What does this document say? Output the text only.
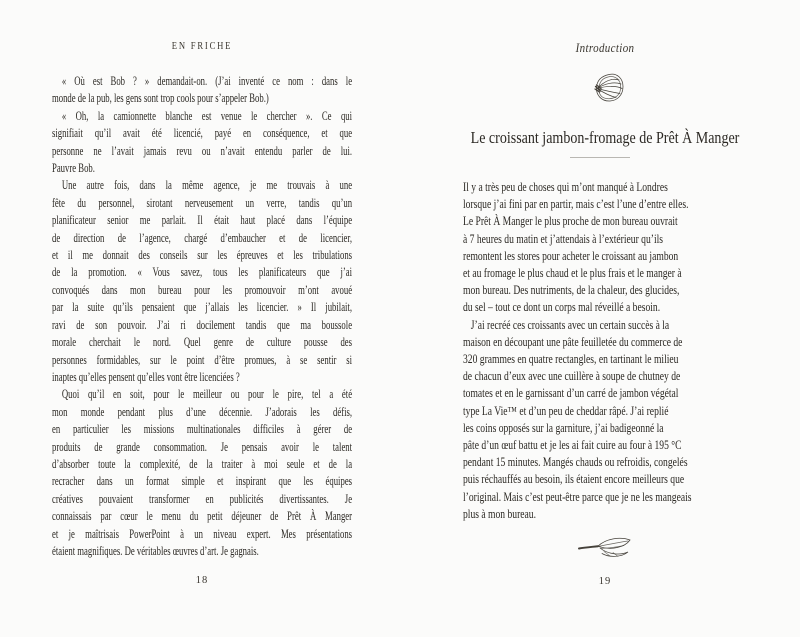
EN FRICHE
« Où est Bob ? » demandait-on. (J’ai inventé ce nom : dans le
monde de la pub, les gens sont trop cools pour s’appeler Bob.)
« Oh, la camionnette blanche est venue le chercher ». Ce qui
signifiait qu’il avait été licencié, payé en conséquence, et que
personne ne l’avait jamais revu ou n’avait entendu parler de lui.
Pauvre Bob.
Une autre fois, dans la même agence, je me trouvais à une
fête du personnel, sirotant nerveusement un verre, tandis qu’un
planificateur senior me parlait. Il était haut placé dans l’équipe
de direction de l’agence, chargé d’embaucher et de licencier,
et il me donnait des conseils sur les épreuves et les tribulations
de la promotion. « Vous savez, tous les planificateurs que j’ai
convoqués dans mon bureau pour les promouvoir m’ont avoué
par la suite qu’ils pensaient que j’allais les licencier. » Il jubilait,
ravi de son pouvoir. J’ai ri docilement tandis que ma boussole
morale cherchait le nord. Quel genre de culture pousse des
personnes formidables, sur le point d’être promues, à se sentir si
inaptes qu’elles pensent qu’elles vont être licenciées ?
Quoi qu’il en soit, pour le meilleur ou pour le pire, tel a été
mon monde pendant plus d’une décennie. J’adorais les défis,
en particulier les missions multinationales difficiles à gérer de
produits de grande consommation. Je pensais avoir le talent
d’absorber toute la complexité, de la traiter à moi seule et de la
recracher dans un format simple et inspirant que les équipes
créatives pouvaient transformer en publicités divertissantes. Je
connaissais par cœur le menu du petit déjeuner de Prêt À Manger
et je maîtrisais PowerPoint à un niveau expert. Mes présentations
étaient magnifiques. De véritables œuvres d’art. Je gagnais.
18
Introduction
Le croissant jambon-fromage de Prêt À Manger
Il y a très peu de choses qui m’ont manqué à Londres
lorsque j’ai fini par en partir, mais c’est l’une d’entre elles.
Le Prêt À Manger le plus proche de mon bureau ouvrait
à 7 heures du matin et j’attendais à l’extérieur qu’ils
remontent les stores pour acheter le croissant au jambon
et au fromage le plus chaud et le plus frais et le manger à
mon bureau. Des nutriments, de la chaleur, des glucides,
du sel – tout ce dont un corps mal réveillé a besoin.
J’ai recréé ces croissants avec un certain succès à la
maison en découpant une pâte feuilletée du commerce de
320 grammes en quatre rectangles, en tartinant le milieu
de chacun d’eux avec une cuillère à soupe de chutney de
tomates et en le garnissant d’un carré de jambon végétal
type La Vie™ et d’un peu de cheddar râpé. J’ai replié
les coins opposés sur la garniture, j’ai badigeonné la
pâte d’un œuf battu et je les ai fait cuire au four à 195 °C
pendant 15 minutes. Mangés chauds ou refroidis, congelés
puis réchauffés au besoin, ils étaient encore meilleurs que
l’original. Mais c’est peut-être parce que je ne les mangeais
plus à mon bureau.
19
